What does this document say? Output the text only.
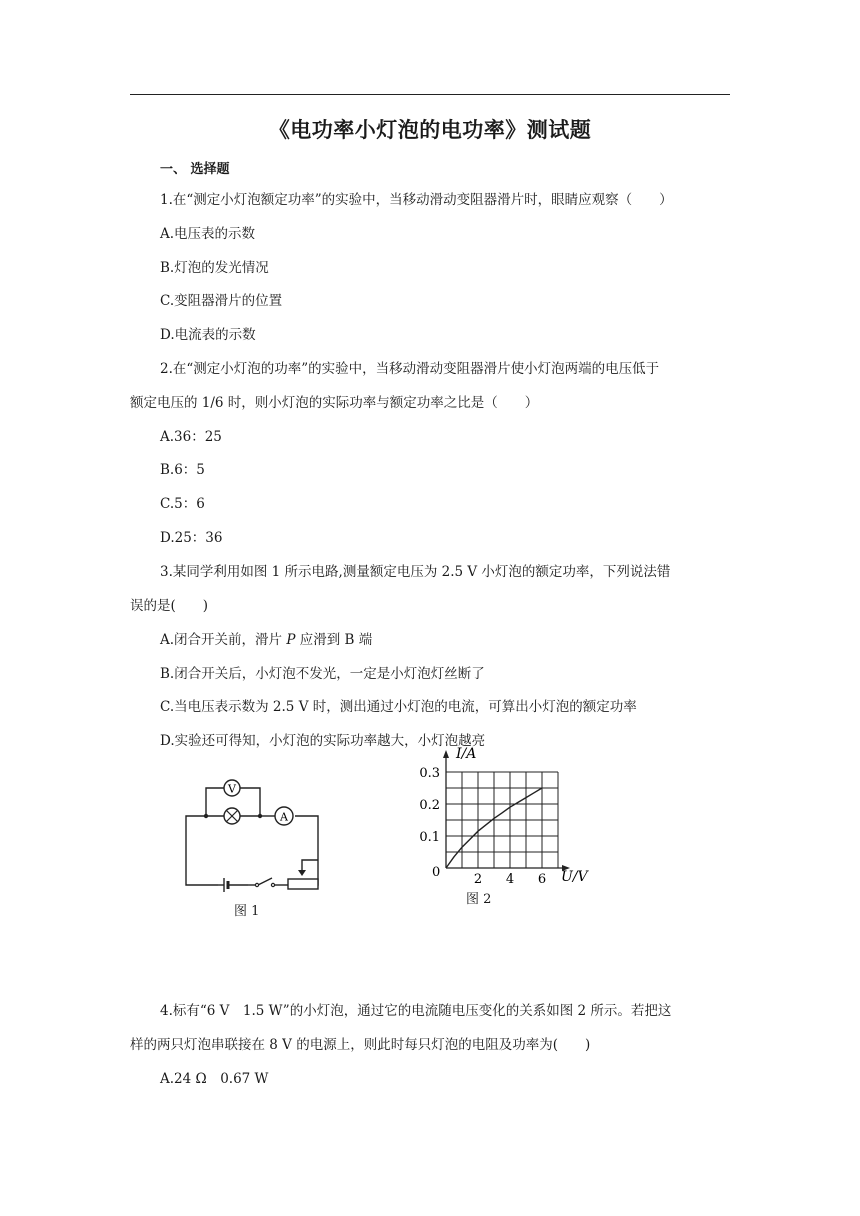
《电功率小灯泡的电功率》测试题
一、 选择题
1.在“测定小灯泡额定功率”的实验中，当移动滑动变阻器滑片时，眼睛应观察（　　）
A.电压表的示数
B.灯泡的发光情况
C.变阻器滑片的位置
D.电流表的示数
2.在“测定小灯泡的功率”的实验中，当移动滑动变阻器滑片使小灯泡两端的电压低于
额定电压的 1/6 时，则小灯泡的实际功率与额定功率之比是（　　）
A.36：25
B.6：5
C.5：6
D.25：36
3.某同学利用如图 1 所示电路,测量额定电压为 2.5 V 小灯泡的额定功率，下列说法错
误的是(　　)
A.闭合开关前，滑片 P 应滑到 B 端
B.闭合开关后，小灯泡不发光，一定是小灯泡灯丝断了
C.当电压表示数为 2.5 V 时，测出通过小灯泡的电流，可算出小灯泡的额定功率
D.实验还可得知，小灯泡的实际功率越大，小灯泡越亮
V
A
图 1
0.1
0.2
0.3
2 4 6
I/A
U/V
0
图 2
4.标有“6 V　1.5 W”的小灯泡，通过它的电流随电压变化的关系如图 2 所示。若把这
样的两只灯泡串联接在 8 V 的电源上，则此时每只灯泡的电阻及功率为(　　)
A.24 Ω　0.67 W
